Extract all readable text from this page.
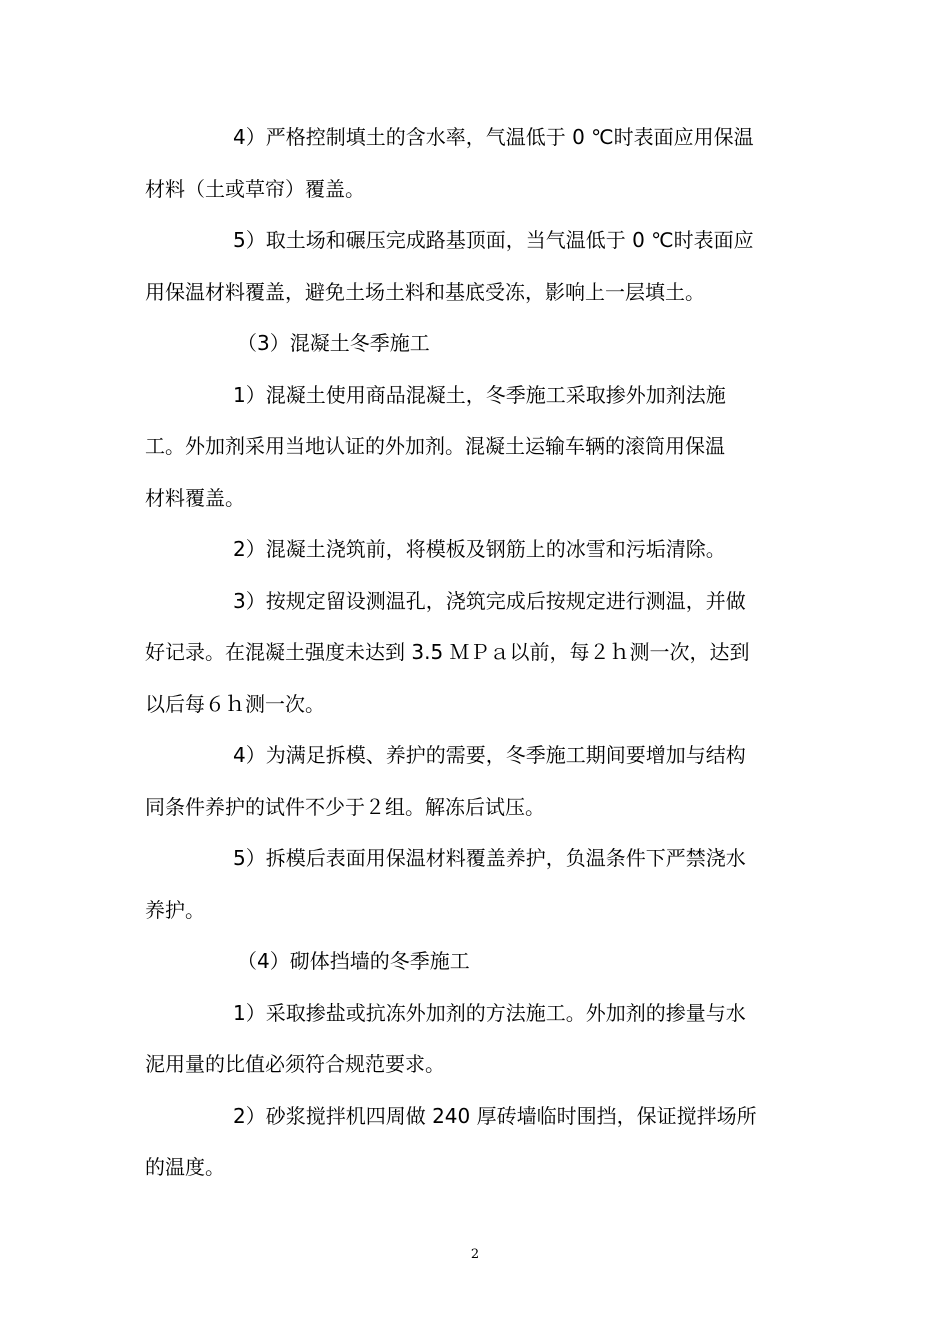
4）严格控制填土的含水率，气温低于 0 ℃时表面应用保温
材料（土或草帘）覆盖。
5）取土场和碾压完成路基顶面，当气温低于 0 ℃时表面应
用保温材料覆盖，避免土场土料和基底受冻，影响上一层填土。
（3）混凝土冬季施工
1）混凝土使用商品混凝土，冬季施工采取掺外加剂法施
工。外加剂采用当地认证的外加剂。混凝土运输车辆的滚筒用保温
材料覆盖。
2）混凝土浇筑前，将模板及钢筋上的冰雪和污垢清除。
3）按规定留设测温孔，浇筑完成后按规定进行测温，并做
好记录。在混凝土强度未达到 3.5 ＭＰａ以前，每２ｈ测一次，达到
以后每６ｈ测一次。
4）为满足拆模、养护的需要，冬季施工期间要增加与结构
同条件养护的试件不少于２组。解冻后试压。
5）拆模后表面用保温材料覆盖养护，负温条件下严禁浇水
养护。
（4）砌体挡墙的冬季施工
1）采取掺盐或抗冻外加剂的方法施工。外加剂的掺量与水
泥用量的比值必须符合规范要求。
2）砂浆搅拌机四周做 240 厚砖墙临时围挡，保证搅拌场所
的温度。
2
